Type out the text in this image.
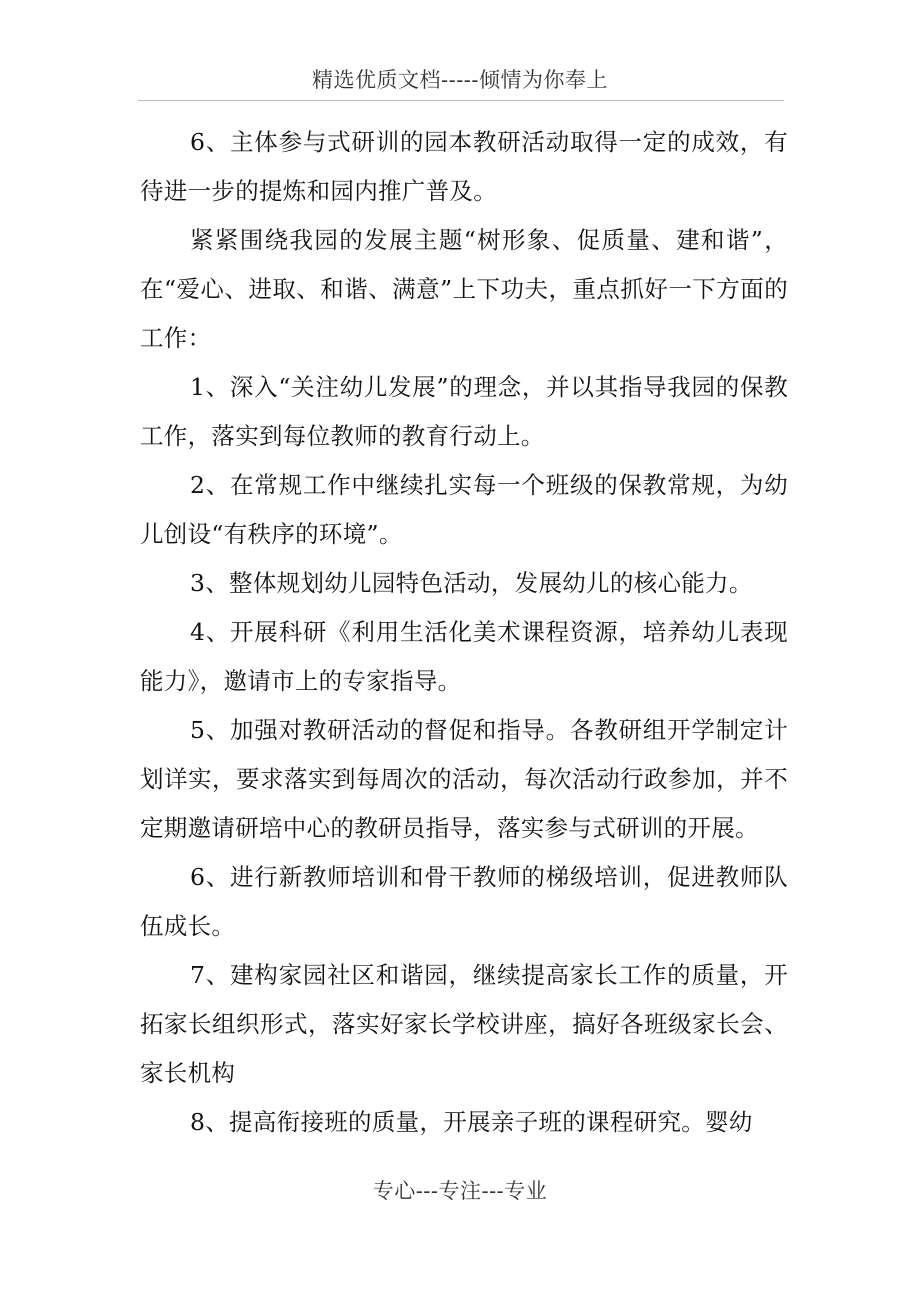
精选优质文档-----倾情为你奉上

6、主体参与式研训的园本教研活动取得一定的成效，有待进一步的提炼和园内推广普及。

紧紧围绕我园的发展主题“树形象、促质量、建和谐”，在“爱心、进取、和谐、满意”上下功夫，重点抓好一下方面的工作：

1、深入“关注幼儿发展”的理念，并以其指导我园的保教工作，落实到每位教师的教育行动上。

2、在常规工作中继续扎实每一个班级的保教常规，为幼儿创设“有秩序的环境”。

3、整体规划幼儿园特色活动，发展幼儿的核心能力。

4、开展科研《利用生活化美术课程资源，培养幼儿表现能力》，邀请市上的专家指导。

5、加强对教研活动的督促和指导。各教研组开学制定计划详实，要求落实到每周次的活动，每次活动行政参加，并不定期邀请研培中心的教研员指导，落实参与式研训的开展。

6、进行新教师培训和骨干教师的梯级培训，促进教师队伍成长。

7、建构家园社区和谐园，继续提高家长工作的质量，开拓家长组织形式，落实好家长学校讲座，搞好各班级家长会、家长机构

8、提高衔接班的质量，开展亲子班的课程研究。婴幼

专心---专注---专业
